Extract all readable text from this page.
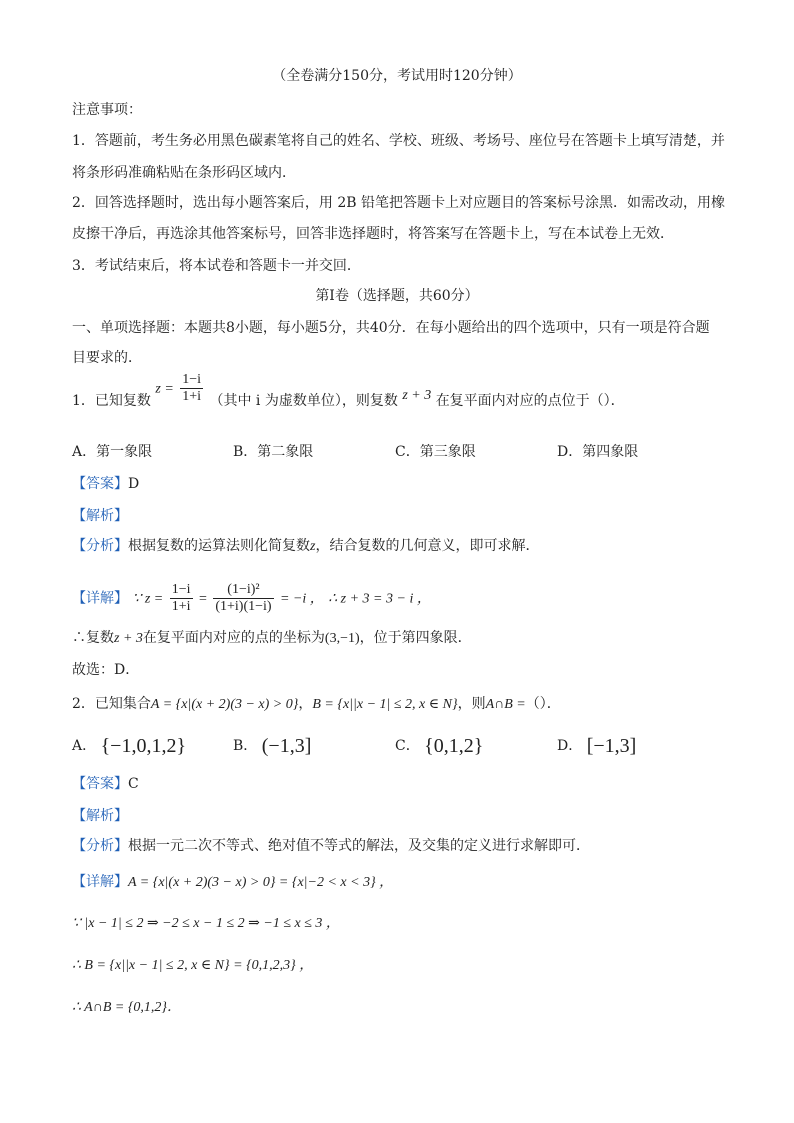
（全卷满分150分，考试用时120分钟）
注意事项：
1．答题前，考生务必用黑色碳素笔将自己的姓名、学校、班级、考场号、座位号在答题卡上填写清楚，并
将条形码准确粘贴在条形码区域内．
2．回答选择题时，选出每小题答案后，用 2B 铅笔把答题卡上对应题目的答案标号涂黑．如需改动，用橡
皮擦干净后，再选涂其他答案标号，回答非选择题时，将答案写在答题卡上，写在本试卷上无效．
3．考试结束后，将本试卷和答题卡一并交回．
第Ⅰ卷（选择题，共60分）
一、单项选择题：本题共8小题，每小题5分，共40分．在每小题给出的四个选项中，只有一项是符合题
目要求的．
1．已知复数 $z = \frac{1-i}{1+i}$ （其中 i 为虚数单位），则复数 z + 3 在复平面内对应的点位于（）．
A．第一象限	B．第二象限	C．第三象限	D．第四象限
【答案】D
【解析】
【分析】根据复数的运算法则化简复数z，结合复数的几何意义，即可求解．
【详解】 ∵ $z = \frac{1-i}{1+i} = \frac{\text{(1−i)²}}{(1+i)(1-i)} = -i$ ， ∴ z + 3 = 3 − i ，
∴复数z + 3在复平面内对应的点的坐标为(3,−1)，位于第四象限．
故选：D．
2．已知集合A = {x|(x + 2)(3 − x) > 0}，B = {x||x − 1| ≤ 2, x ∈ N}，则A∩B =（）．
A． {−1,0,1,2}	B． (−1,3]	C． {0,1,2}	D． [−1,3]
【答案】C
【解析】
【分析】根据一元二次不等式、绝对值不等式的解法，及交集的定义进行求解即可．
【详解】A = {x|(x + 2)(3 − x) > 0} = {x|−2 < x < 3} ，
∵ |x − 1| ≤ 2 ⇒ −2 ≤ x − 1 ≤ 2 ⇒ −1 ≤ x ≤ 3 ，
∴ B = {x||x − 1| ≤ 2, x ∈ N} = {0,1,2,3} ，
∴ A∩B = {0,1,2}．
